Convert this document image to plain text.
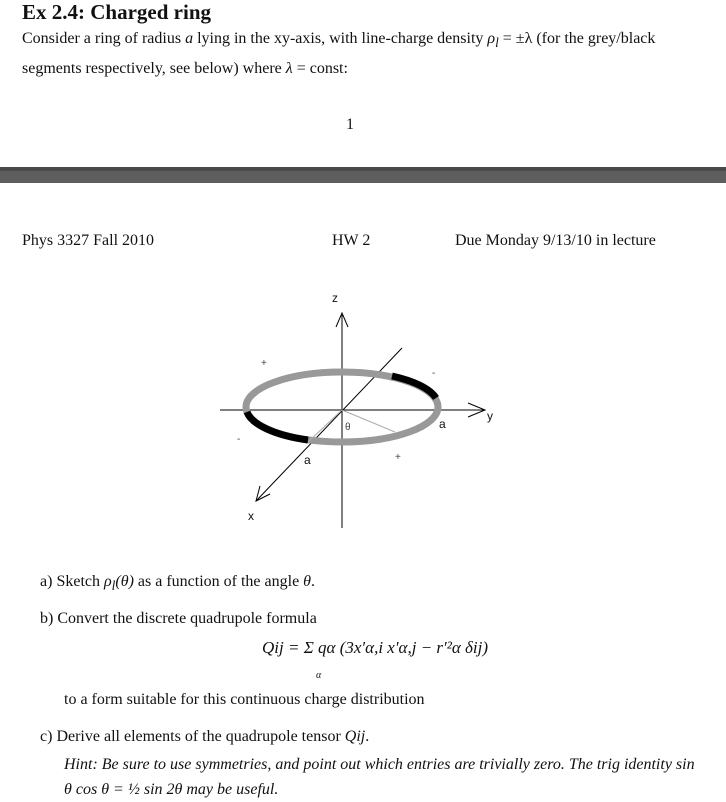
Ex 2.4: Charged ring

Consider a ring of radius a lying in the xy-axis, with line-charge density $\rho_l = \pm\lambda$ (for the grey/black segments respectively, see below) where λ = const:

1
Phys 3327 Fall 2010	HW 2	Due Monday 9/13/10 in lecture
z
y
x
a
a
θ
+
-
-
+
a) Sketch $\rho_l(\theta)$ as a function of the angle θ.
b) Convert the discrete quadrupole formula
Qij = Σ qα (3x′α,i x′α,j − r′²α δij)
α
to a form suitable for this continuous charge distribution
c) Derive all elements of the quadrupole tensor Qij.
Hint: Be sure to use symmetries, and point out which entries are trivially zero. The trig identity sin θ cos θ = ½ sin 2θ may be useful.
